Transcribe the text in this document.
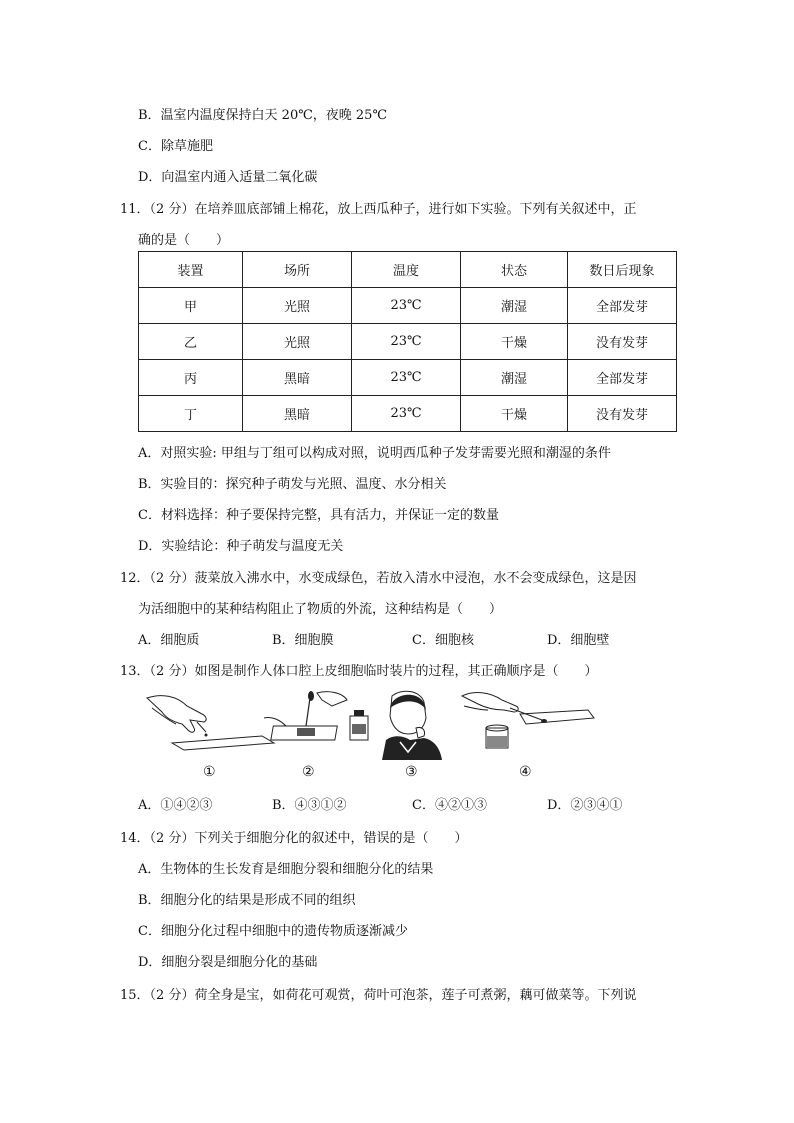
B．温室内温度保持白天 20℃，夜晚 25℃
C．除草施肥
D．向温室内通入适量二氧化碳
11．（2 分）在培养皿底部铺上棉花，放上西瓜种子，进行如下实验。下列有关叙述中，正
确的是（　　）
装置	场所	温度	状态	数日后现象
甲	光照	23℃	潮湿	全部发芽
乙	光照	23℃	干燥	没有发芽
丙	黑暗	23℃	潮湿	全部发芽
丁	黑暗	23℃	干燥	没有发芽
A．对照实验: 甲组与丁组可以构成对照，说明西瓜种子发芽需要光照和潮湿的条件
B．实验目的：探究种子萌发与光照、温度、水分相关
C．材料选择：种子要保持完整，具有活力，并保证一定的数量
D．实验结论：种子萌发与温度无关
12．（2 分）菠菜放入沸水中，水变成绿色，若放入清水中浸泡，水不会变成绿色，这是因
为活细胞中的某种结构阻止了物质的外流，这种结构是（　　）
A．细胞质	B．细胞膜	C．细胞核	D．细胞壁
13．（2 分）如图是制作人体口腔上皮细胞临时装片的过程，其正确顺序是（　　）
①	②	③	④
A．①④②③	B．④③①②	C．④②①③	D．②③④①
14．（2 分）下列关于细胞分化的叙述中，错误的是（　　）
A．生物体的生长发育是细胞分裂和细胞分化的结果
B．细胞分化的结果是形成不同的组织
C．细胞分化过程中细胞中的遗传物质逐渐减少
D．细胞分裂是细胞分化的基础
15．（2 分）荷全身是宝，如荷花可观赏，荷叶可泡茶，莲子可煮粥，藕可做菜等。下列说
